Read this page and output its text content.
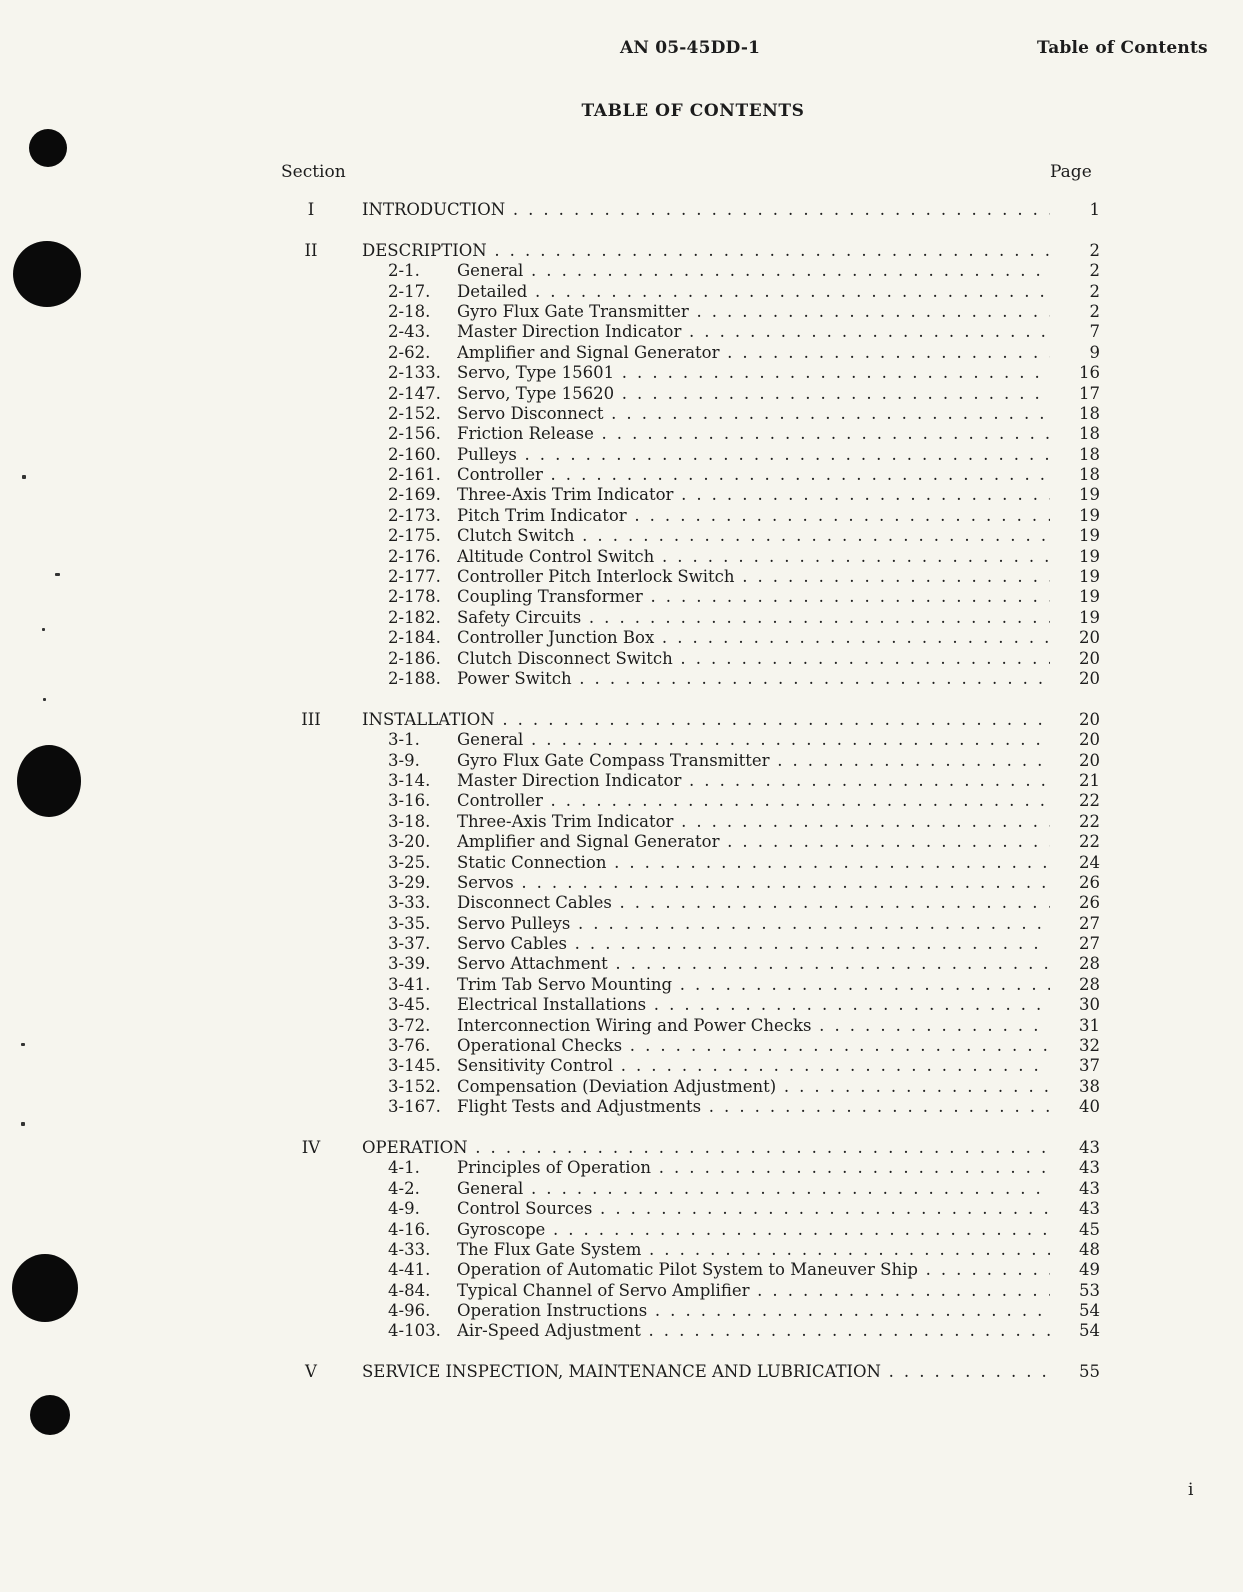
AN 05-45DD-1	Table of Contents
TABLE OF CONTENTS
Section	Page
I	INTRODUCTION . . .	1
II	DESCRIPTION . . .	2
2-1. General . . .	2
2-17. Detailed . . .	2
2-18. Gyro Flux Gate Transmitter . . .	2
2-43. Master Direction Indicator . . .	7
2-62. Amplifier and Signal Generator . . .	9
2-133. Servo, Type 15601 . . .	16
2-147. Servo, Type 15620 . . .	17
2-152. Servo Disconnect . . .	18
2-156. Friction Release . . .	18
2-160. Pulleys . . .	18
2-161. Controller . . .	18
2-169. Three-Axis Trim Indicator . . .	19
2-173. Pitch Trim Indicator . . .	19
2-175. Clutch Switch . . .	19
2-176. Altitude Control Switch . . .	19
2-177. Controller Pitch Interlock Switch . . .	19
2-178. Coupling Transformer . . .	19
2-182. Safety Circuits . . .	19
2-184. Controller Junction Box . . .	20
2-186. Clutch Disconnect Switch . . .	20
2-188. Power Switch . . .	20
III	INSTALLATION . . .	20
3-1. General . . .	20
3-9. Gyro Flux Gate Compass Transmitter . . .	20
3-14. Master Direction Indicator . . .	21
3-16. Controller . . .	22
3-18. Three-Axis Trim Indicator . . .	22
3-20. Amplifier and Signal Generator . . .	22
3-25. Static Connection . . .	24
3-29. Servos . . .	26
3-33. Disconnect Cables . . .	26
3-35. Servo Pulleys . . .	27
3-37. Servo Cables . . .	27
3-39. Servo Attachment . . .	28
3-41. Trim Tab Servo Mounting . . .	28
3-45. Electrical Installations . . .	30
3-72. Interconnection Wiring and Power Checks . . .	31
3-76. Operational Checks . . .	32
3-145. Sensitivity Control . . .	37
3-152. Compensation (Deviation Adjustment) . . .	38
3-167. Flight Tests and Adjustments . . .	40
IV	OPERATION . . .	43
4-1. Principles of Operation . . .	43
4-2. General . . .	43
4-9. Control Sources . . .	43
4-16. Gyroscope . . .	45
4-33. The Flux Gate System . . .	48
4-41. Operation of Automatic Pilot System to Maneuver Ship . . .	49
4-84. Typical Channel of Servo Amplifier . . .	53
4-96. Operation Instructions . . .	54
4-103. Air-Speed Adjustment . . .	54
V	SERVICE INSPECTION, MAINTENANCE AND LUBRICATION . . .	55
i
